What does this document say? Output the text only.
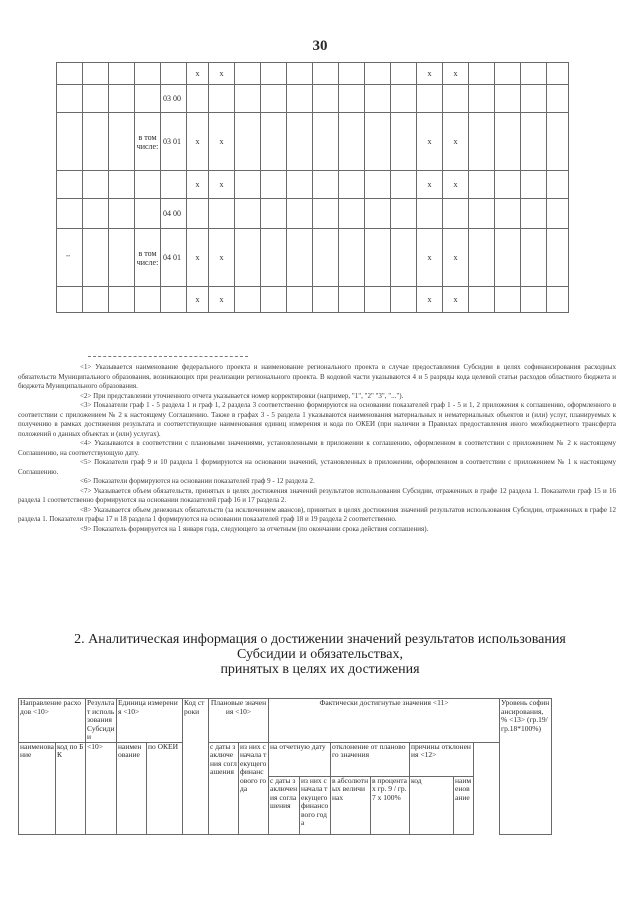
30
					x	x								x	x				
				03 00															
			в том числе:	03 01	x	x								x	x				
					x	x								x	x				
				04 00															
			в том числе:	04 01	x	x								x	x				
					x	x								x	x				
••

<1> Указывается наименование федерального проекта и наименование регионального проекта в случае предоставления Субсидии в целях софинансирования расходных обязательств Муниципального образования, возникающих при реализации регионального проекта. В кодовой части указываются 4 и 5 разряды кода целевой статьи расходов областного бюджета и бюджета Муниципального образования.

<2> При представлении уточненного отчета указывается номер корректировки (например, "1", "2" "3", "...").

<3> Показатели граф 1 - 5 раздела 1 и граф 1, 2 раздела 3 соответственно формируются на основании показателей граф 1 - 5 и 1, 2 приложения к соглашению, оформленного в соответствии с приложением № 2 к настоящему Соглашению. Также в графах 3 - 5 раздела 1 указываются наименования материальных и нематериальных объектов и (или) услуг, планируемых к получению в рамках достижения результата и соответствующие наименования единиц измерения и кода по ОКЕИ (при наличии в Правилах предоставления иного межбюджетного трансферта положений о данных объектах и (или) услугах).

<4> Указываются в соответствии с плановыми значениями, установленными в приложении к соглашению, оформленном в соответствии с приложением № 2 к настоящему Соглашению, на соответствующую дату.

<5> Показатели граф 9 и 10 раздела 1 формируются на основании значений, установленных в приложении, оформленном в соответствии с приложением № 1 к настоящему Соглашению.

<6> Показатели формируются на основании показателей граф 9 - 12 раздела 2.

<7> Указывается объем обязательств, принятых в целях достижения значений результатов использования Субсидии, отраженных в графе 12 раздела 1. Показатели граф 15 и 16 раздела 1 соответственно формируются на основании показателей граф 16 и 17 раздела 2.

<8> Указывается объем денежных обязательств (за исключением авансов), принятых в целях достижения значений результатов использования Субсидии, отраженных в графе 12 раздела 1. Показатели графы 17 и 18 раздела 1 формируются на основании показателей граф 18 и 19 раздела 2 соответственно.

<9> Показатель формируется на 1 января года, следующего за отчетным (по окончании срока действия соглашения).

2. Аналитическая информация о достижении значений результатов использования
Субсидии и обязательствах,
принятых в целях их достижения
Направление расходов <10>		Результат использования Субсидии	Единица измерения <10>		Код строки	Плановые значения <10>		Фактически достигнутые значения <11>						Уровень софинансирования, % <13> (гр.19/гр.18*100%)
наименование	код по БК	<10>	наименование	по ОКЕИ		с даты заключения соглашения	из них с начала текущего финансового года	на отчетную дату		отклонение от планового значения		причины отклонения <12>		
								с даты заключения соглашения	из них с начала текущего финансового года	в абсолютных величинах	в процентах гр. 9 / гр. 7 x 100%	код	наименование	
